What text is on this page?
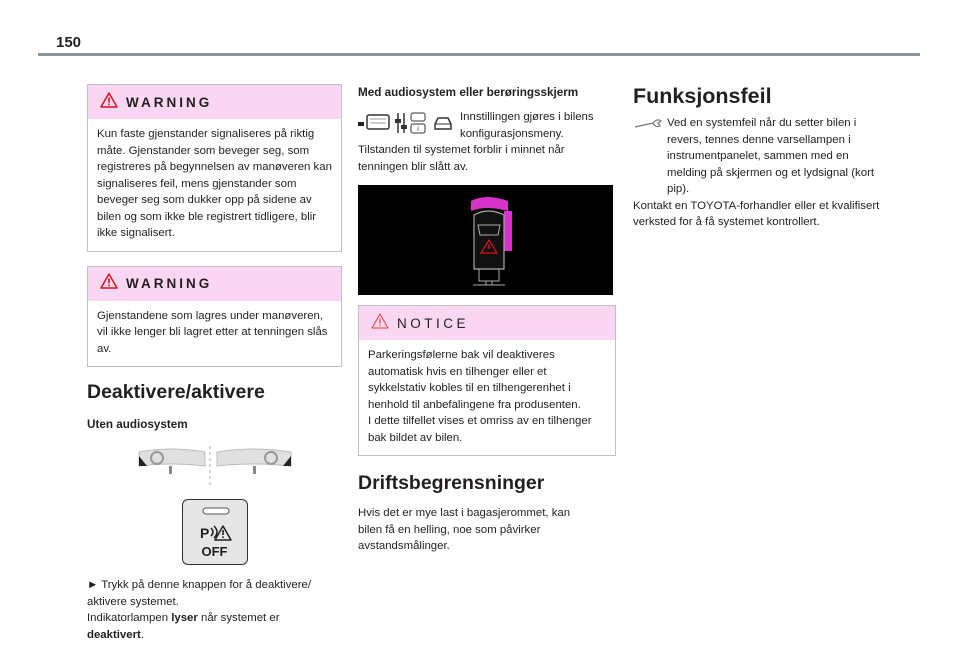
150
WARNING
Kun faste gjenstander signaliseres på riktig måte. Gjenstander som beveger seg, som registreres på begynnelsen av manøveren kan signaliseres feil, mens gjenstander som beveger seg som dukker opp på sidene av bilen og som ikke ble registrert tidligere, blir ikke signalisert.
WARNING
Gjenstandene som lagres under manøveren, vil ikke lenger bli lagret etter at tenningen slås av.
Deaktivere/aktivere
Uten audiosystem
P
OFF

► Trykk på denne knappen for å deaktivere/ aktivere systemet.
Indikatorlampen lyser når systemet er
deaktivert.

Med audiosystem eller berøringsskjerm
i

Innstillingen gjøres i bilens konfigurasjonsmeny.

Tilstanden til systemet forblir i minnet når tenningen blir slått av.

NOTICE
Parkeringsfølerne bak vil deaktiveres automatisk hvis en tilhenger eller et sykkelstativ kobles til en tilhengerenhet i henhold til anbefalingene fra produsenten.
I dette tilfellet vises et omriss av en tilhenger bak bildet av bilen.
Driftsbegrensninger

Hvis det er mye last i bagasjerommet, kan bilen få en helling, noe som påvirker avstandsmålinger.

Funksjonsfeil

Ved en systemfeil når du setter bilen i revers, tennes denne varsellampen i instrumentpanelet, sammen med en melding på skjermen og et lydsignal (kort pip).

Kontakt en TOYOTA-forhandler eller et kvalifisert verksted for å få systemet kontrollert.
